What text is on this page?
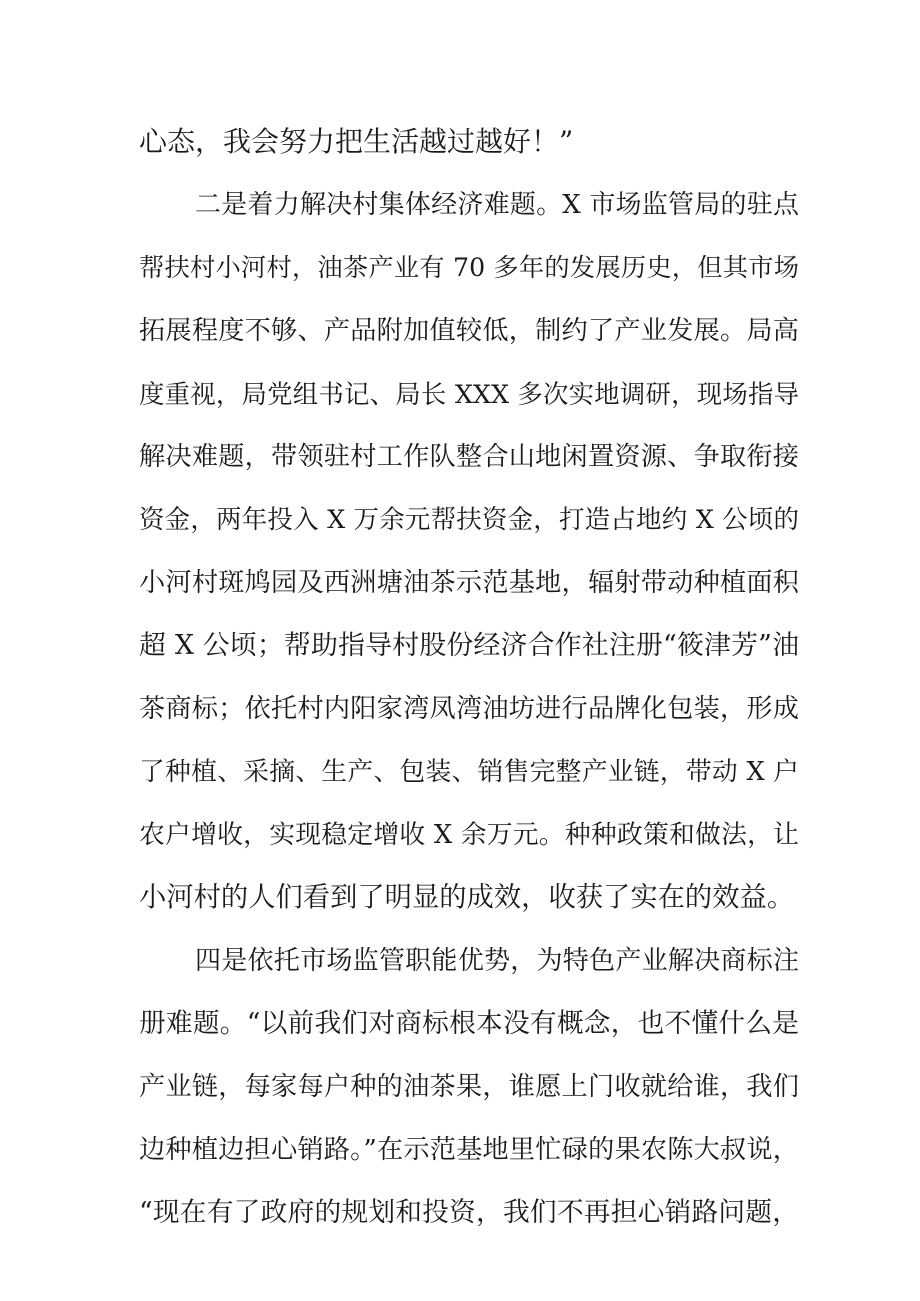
心态，我会努力把生活越过越好！”
二是着力解决村集体经济难题。X 市场监管局的驻点
帮扶村小河村，油茶产业有 70 多年的发展历史，但其市场
拓展程度不够、产品附加值较低，制约了产业发展。局高
度重视，局党组书记、局长 XXX 多次实地调研，现场指导
解决难题，带领驻村工作队整合山地闲置资源、争取衔接
资金，两年投入 X 万余元帮扶资金，打造占地约 X 公顷的
小河村斑鸠园及西洲塘油茶示范基地，辐射带动种植面积
超 X 公顷；帮助指导村股份经济合作社注册“筱津芳”油
茶商标；依托村内阳家湾凤湾油坊进行品牌化包装，形成
了种植、采摘、生产、包装、销售完整产业链，带动 X 户
农户增收，实现稳定增收 X 余万元。种种政策和做法，让
小河村的人们看到了明显的成效，收获了实在的效益。
四是依托市场监管职能优势，为特色产业解决商标注
册难题。“以前我们对商标根本没有概念，也不懂什么是
产业链，每家每户种的油茶果，谁愿上门收就给谁，我们
边种植边担心销路。”在示范基地里忙碌的果农陈大叔说，
“现在有了政府的规划和投资，我们不再担心销路问题，
